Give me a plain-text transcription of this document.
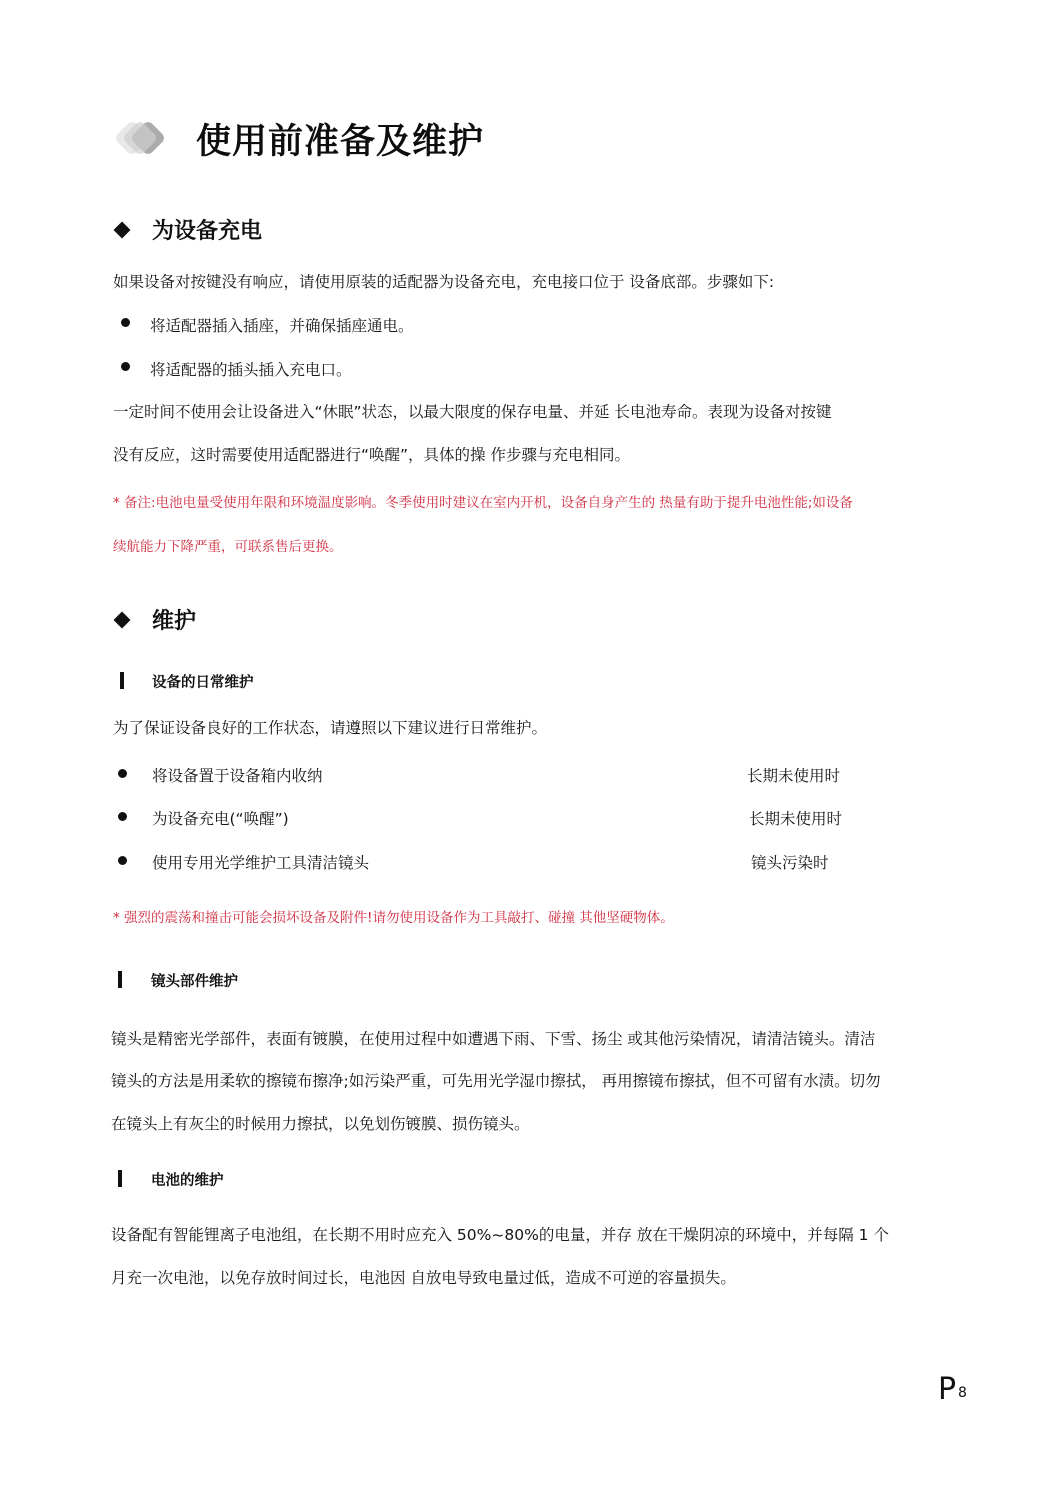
使用前准备及维护
为设备充电
如果设备对按键没有响应，请使用原装的适配器为设备充电，充电接口位于 设备底部。步骤如下:
将适配器插入插座，并确保插座通电。
将适配器的插头插入充电口。
一定时间不使用会让设备进入“休眠”状态，以最大限度的保存电量、并延 长电池寿命。表现为设备对按键
没有反应，这时需要使用适配器进行“唤醒”，具体的操 作步骤与充电相同。
* 备注:电池电量受使用年限和环境温度影响。冬季使用时建议在室内开机，设备自身产生的 热量有助于提升电池性能;如设备
续航能力下降严重，可联系售后更换。
维护
设备的日常维护
为了保证设备良好的工作状态，请遵照以下建议进行日常维护。
将设备置于设备箱内收纳	长期未使用时
为设备充电(“唤醒”)	长期未使用时
使用专用光学维护工具清洁镜头	镜头污染时
* 强烈的震荡和撞击可能会损坏设备及附件!请勿使用设备作为工具敲打、碰撞 其他坚硬物体。
镜头部件维护
镜头是精密光学部件，表面有镀膜，在使用过程中如遭遇下雨、下雪、扬尘 或其他污染情况，请清洁镜头。清洁
镜头的方法是用柔软的擦镜布擦净;如污染严重，可先用光学湿巾擦拭， 再用擦镜布擦拭，但不可留有水渍。切勿
在镜头上有灰尘的时候用力擦拭，以免划伤镀膜、损伤镜头。
电池的维护
设备配有智能锂离子电池组，在长期不用时应充入 50%~80%的电量，并存 放在干燥阴凉的环境中，并每隔 1 个
月充一次电池，以免存放时间过长，电池因 自放电导致电量过低，造成不可逆的容量损失。
P 8
